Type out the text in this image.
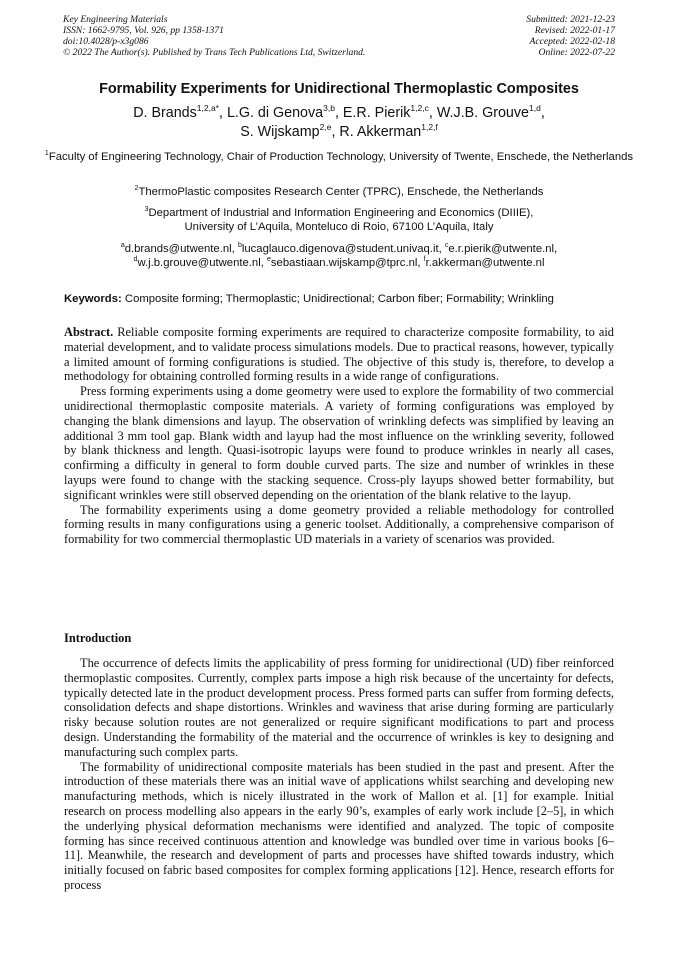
Key Engineering Materials
ISSN: 1662-9795, Vol. 926, pp 1358-1371
doi:10.4028/p-x3g086
© 2022 The Author(s). Published by Trans Tech Publications Ltd, Switzerland.
Submitted: 2021-12-23
Revised: 2022-01-17
Accepted: 2022-02-18
Online: 2022-07-22
Formability Experiments for Unidirectional Thermoplastic Composites
D. Brands$^{1,2,a*}$, L.G. di Genova$^{3,b}$, E.R. Pierik$^{1,2,c}$, W.J.B. Grouve$^{1,d}$,
S. Wijskamp$^{2,e}$, R. Akkerman$^{1,2,f}$
$^1$Faculty of Engineering Technology, Chair of Production Technology, University of Twente, Enschede, the Netherlands
$^2$ThermoPlastic composites Research Center (TPRC), Enschede, the Netherlands
$^3$Department of Industrial and Information Engineering and Economics (DIIIE),
University of L’Aquila, Monteluco di Roio, 67100 L’Aquila, Italy
$^a$d.brands@utwente.nl, $^b$lucaglauco.digenova@student.univaq.it, $^c$e.r.pierik@utwente.nl,
$^d$w.j.b.grouve@utwente.nl, $^e$sebastiaan.wijskamp@tprc.nl, $^f$r.akkerman@utwente.nl
Keywords: Composite forming; Thermoplastic; Unidirectional; Carbon fiber; Formability; Wrinkling

Abstract. Reliable composite forming experiments are required to characterize composite formability, to aid material development, and to validate process simulations models. Due to practical reasons, however, typically a limited amount of forming configurations is studied. The objective of this study is, therefore, to develop a methodology for obtaining controlled forming results in a wide range of configurations.

Press forming experiments using a dome geometry were used to explore the formability of two commercial unidirectional thermoplastic composite materials. A variety of forming configurations was employed by changing the blank dimensions and layup. The observation of wrinkling defects was simplified by leaving an additional 3 mm tool gap. Blank width and layup had the most influence on the wrinkling severity, followed by blank thickness and length. Quasi-isotropic layups were found to produce wrinkles in nearly all cases, confirming a difficulty in general to form double curved parts. The size and number of wrinkles in these layups were found to change with the stacking sequence. Cross-ply layups showed better formability, but significant wrinkles were still observed depending on the orientation of the blank relative to the layup.

The formability experiments using a dome geometry provided a reliable methodology for controlled forming results in many configurations using a generic toolset. Additionally, a comprehensive comparison of formability for two commercial thermoplastic UD materials in a variety of scenarios was provided.

Introduction

The occurrence of defects limits the applicability of press forming for unidirectional (UD) fiber reinforced thermoplastic composites. Currently, complex parts impose a high risk because of the uncertainty for defects, typically detected late in the product development process. Press formed parts can suffer from forming defects, consolidation defects and shape distortions. Wrinkles and waviness that arise during forming are particularly risky because solution routes are not generalized or require significant modifications to part and process design. Understanding the formability of the material and the occurrence of wrinkles is key to designing and manufacturing such complex parts.

The formability of unidirectional composite materials has been studied in the past and present. After the introduction of these materials there was an initial wave of applications whilst searching and developing new manufacturing methods, which is nicely illustrated in the work of Mallon et al. [1] for example. Initial research on process modelling also appears in the early 90’s, examples of early work include [2–5], in which the underlying physical deformation mechanisms were identified and analyzed. The topic of composite forming has since received continuous attention and knowledge was bundled over time in various books [6–11]. Meanwhile, the research and development of parts and processes have shifted towards industry, which initially focused on fabric based composites for complex forming applications [12]. Hence, research efforts for process
